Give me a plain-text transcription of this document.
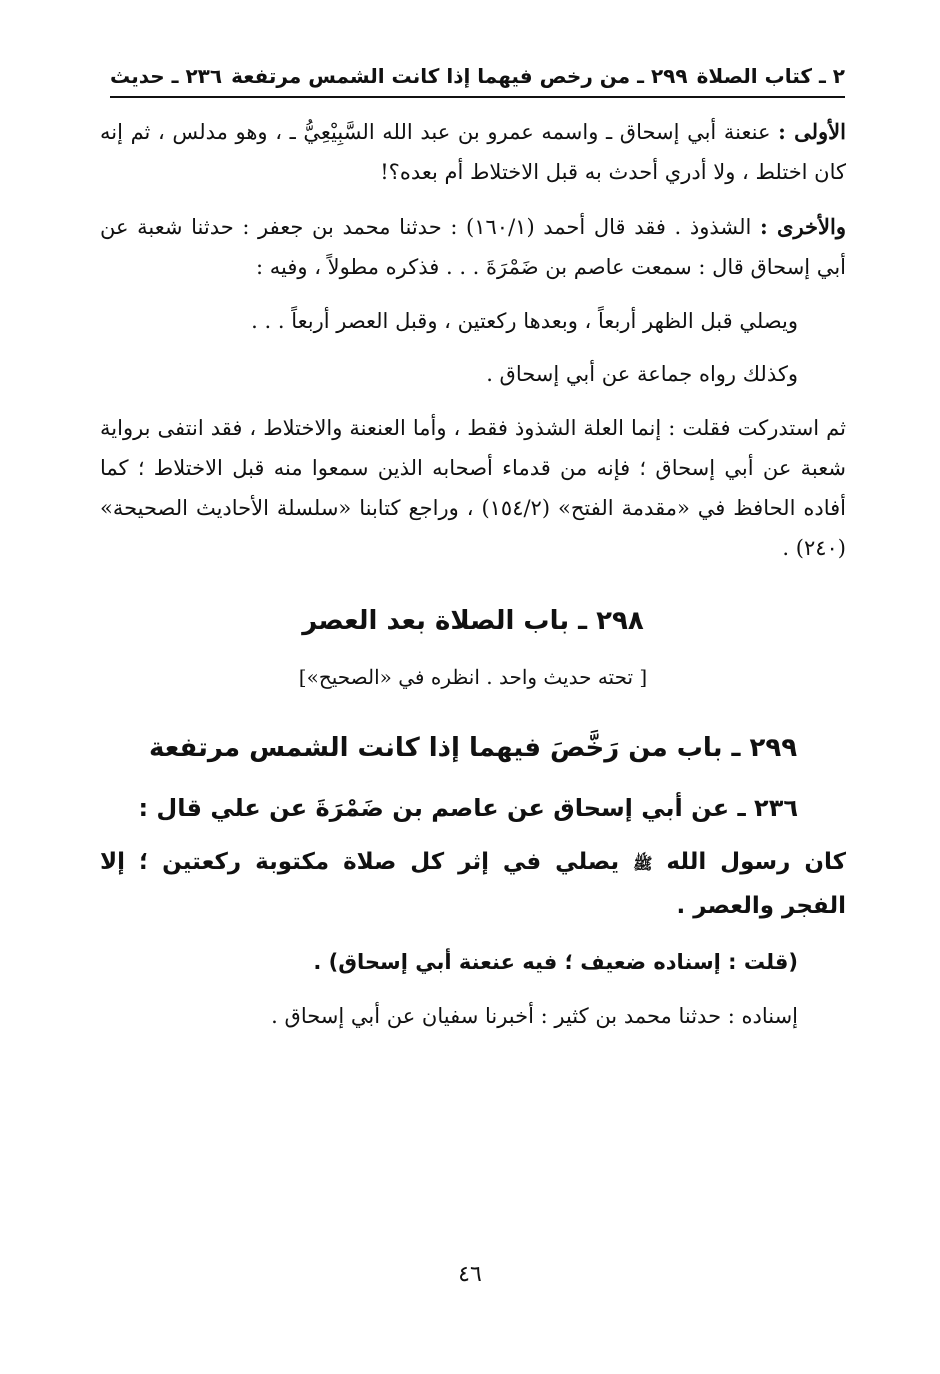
٢ ـ كتاب الصلاة
٢٩٩ ـ من رخص فيهما إذا كانت الشمس مرتفعة
٢٣٦ ـ حديث

الأولى : عنعنة أبي إسحاق ـ واسمه عمرو بن عبد الله السَّبِيْعِيُّ ـ ، وهو مدلس ، ثم إنه كان اختلط ، ولا أدري أحدث به قبل الاختلاط أم بعده؟!

والأخرى : الشذوذ . فقد قال أحمد (١٦٠/١) : حدثنا محمد بن جعفر : حدثنا شعبة عن أبي إسحاق قال : سمعت عاصم بن ضَمْرَةَ . . . فذكره مطولاً ، وفيه :

ويصلي قبل الظهر أربعاً ، وبعدها ركعتين ، وقبل العصر أربعاً . . .

وكذلك رواه جماعة عن أبي إسحاق .

ثم استدركت فقلت : إنما العلة الشذوذ فقط ، وأما العنعنة والاختلاط ، فقد انتفى برواية شعبة عن أبي إسحاق ؛ فإنه من قدماء أصحابه الذين سمعوا منه قبل الاختلاط ؛ كما أفاده الحافظ في «مقدمة الفتح» (١٥٤/٢) ، وراجع كتابنا «سلسلة الأحاديث الصحيحة» (٢٤٠) .

٢٩٨ ـ باب الصلاة بعد العصر
[ تحته حديث واحد . انظره في «الصحيح»]
٢٩٩ ـ باب من رَخَّصَ فيهما إذا كانت الشمس مرتفعة
٢٣٦ ـ عن أبي إسحاق عن عاصم بن ضَمْرَةَ عن علي قال :
كان رسول الله ﷺ يصلي في إثر كل صلاة مكتوبة ركعتين ؛ إلا الفجر والعصر .

(قلت : إسناده ضعيف ؛ فيه عنعنة أبي إسحاق) .

إسناده : حدثنا محمد بن كثير : أخبرنا سفيان عن أبي إسحاق .

٤٦
